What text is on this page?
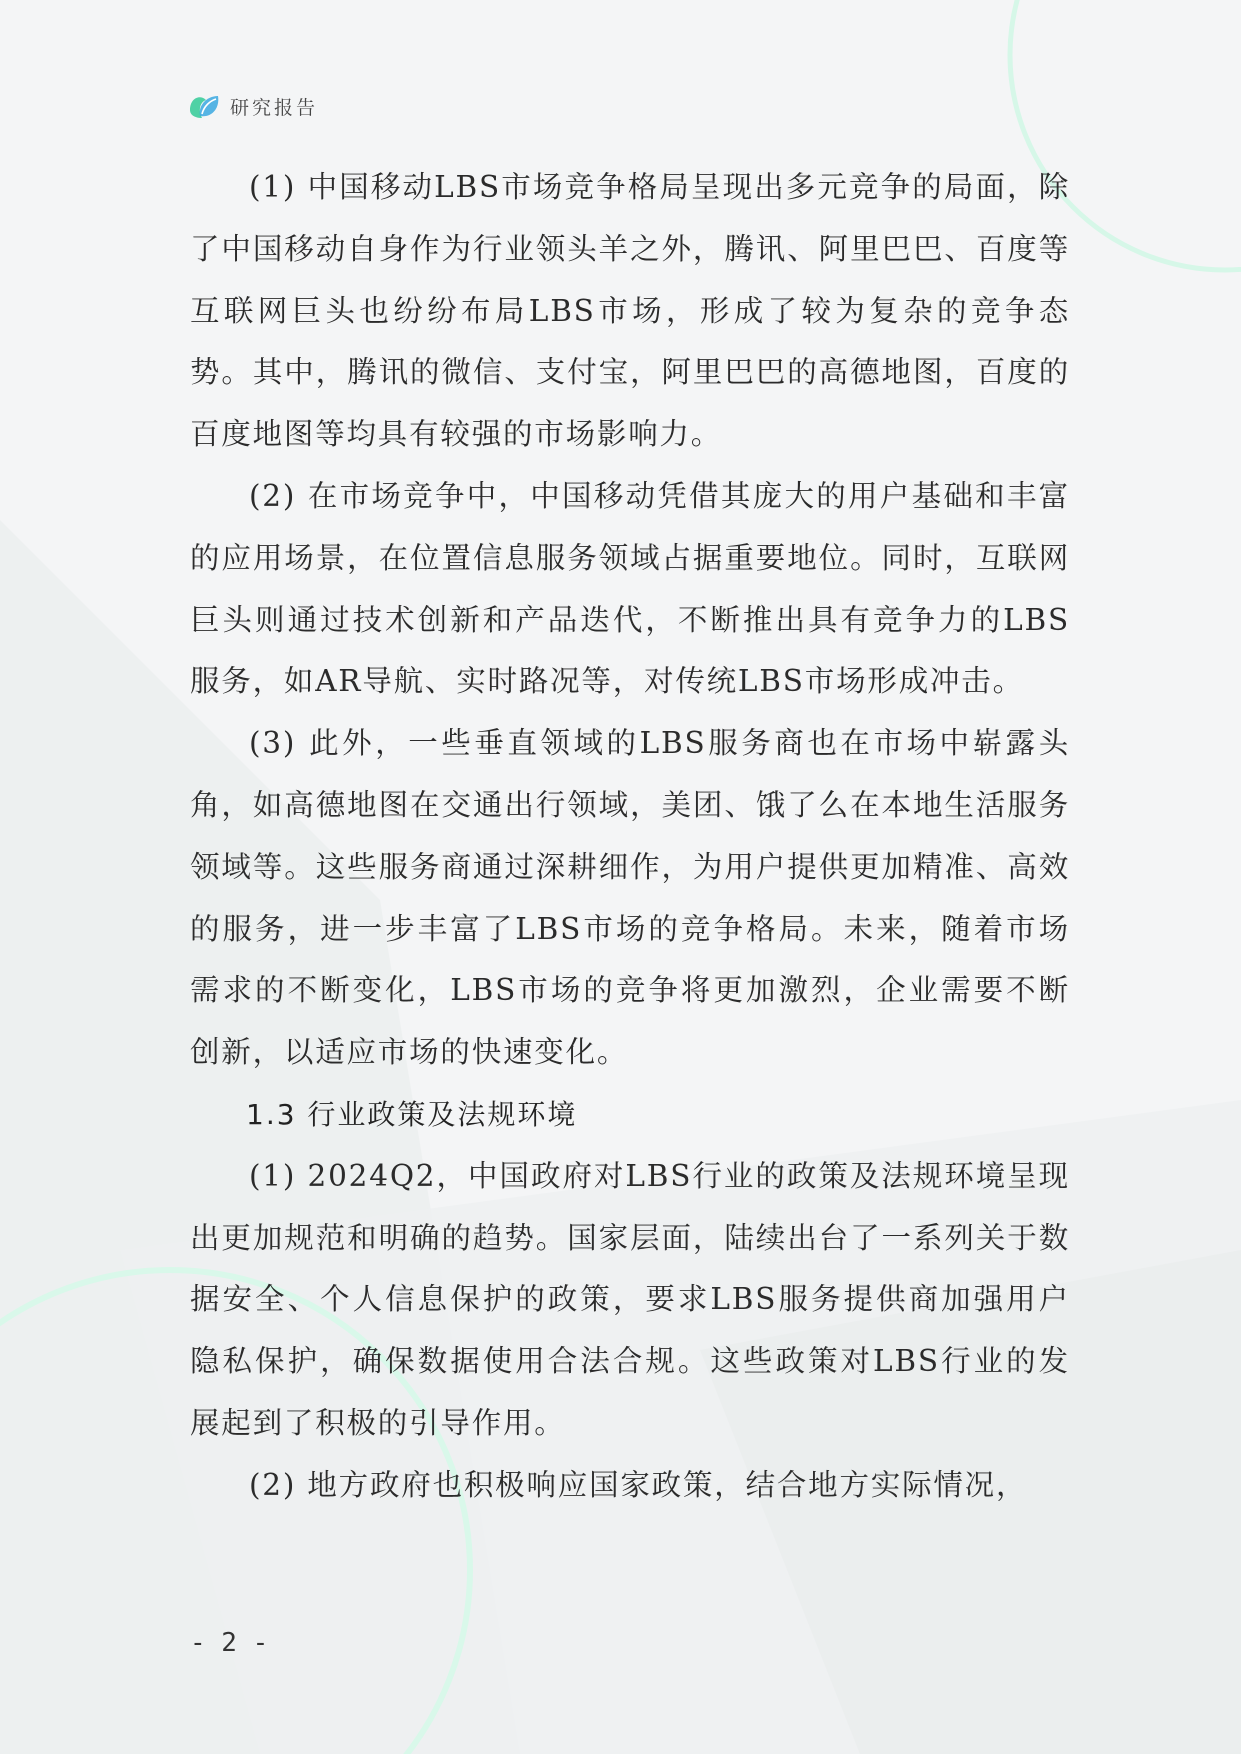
研究报告

(1) 中国移动LBS市场竞争格局呈现出多元竞争的局面，除了中国移动自身作为行业领头羊之外，腾讯、阿里巴巴、百度等互联网巨头也纷纷布局LBS市场，形成了较为复杂的竞争态势。其中，腾讯的微信、支付宝，阿里巴巴的高德地图，百度的百度地图等均具有较强的市场影响力。

(2) 在市场竞争中，中国移动凭借其庞大的用户基础和丰富的应用场景，在位置信息服务领域占据重要地位。同时，互联网巨头则通过技术创新和产品迭代，不断推出具有竞争力的LBS服务，如AR导航、实时路况等，对传统LBS市场形成冲击。

(3) 此外，一些垂直领域的LBS服务商也在市场中崭露头角，如高德地图在交通出行领域，美团、饿了么在本地生活服务领域等。这些服务商通过深耕细作，为用户提供更加精准、高效的服务，进一步丰富了LBS市场的竞争格局。未来，随着市场需求的不断变化，LBS市场的竞争将更加激烈，企业需要不断创新，以适应市场的快速变化。

1.3 行业政策及法规环境

(1) 2024Q2，中国政府对LBS行业的政策及法规环境呈现出更加规范和明确的趋势。国家层面，陆续出台了一系列关于数据安全、个人信息保护的政策，要求LBS服务提供商加强用户隐私保护，确保数据使用合法合规。这些政策对LBS行业的发展起到了积极的引导作用。

(2) 地方政府也积极响应国家政策，结合地方实际情况，

- 2 -
